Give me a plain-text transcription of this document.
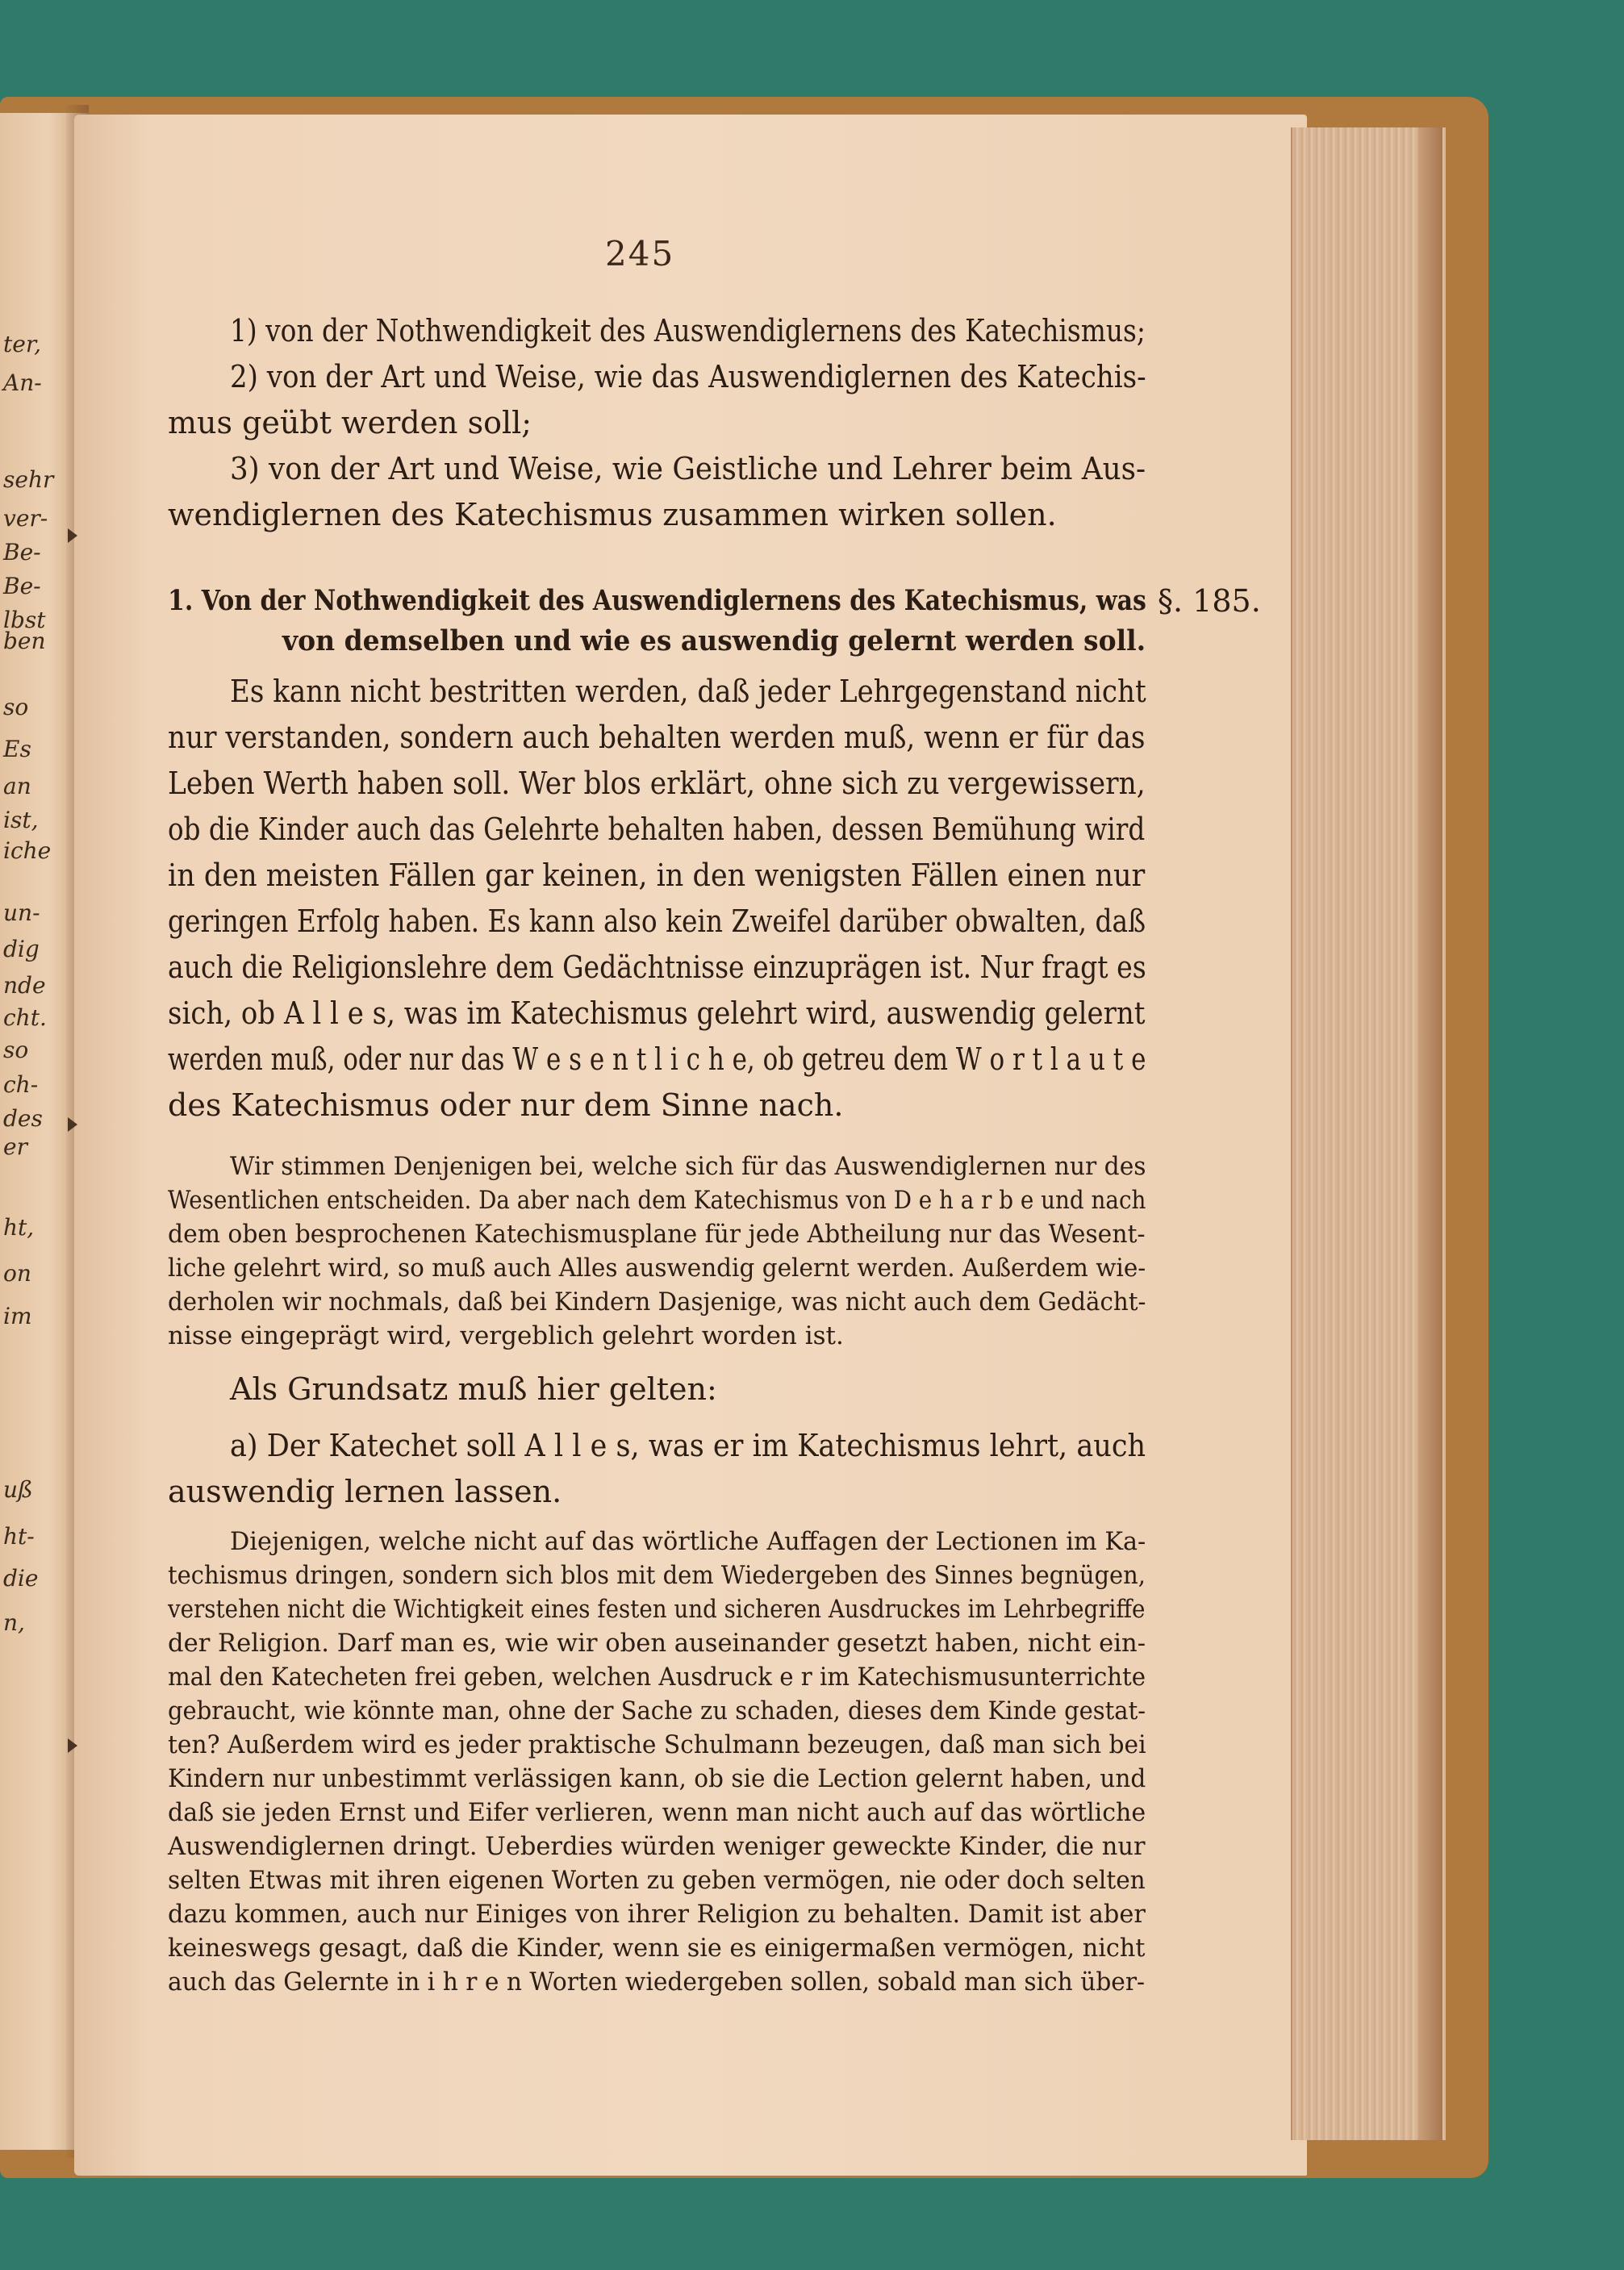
ter,
An-
sehr
ver-
Be-
Be-
lbst
ben
so
Es
an
ist,
iche
un-
dig
nde
cht.
so
ch-
des
er
ht,
on
im
uß
ht-
die
n,
245
1) von der Nothwendigkeit des Auswendiglernens des Katechismus;
2) von der Art und Weise, wie das Auswendiglernen des Katechis-
mus geübt werden soll;
3) von der Art und Weise, wie Geistliche und Lehrer beim Aus-
wendiglernen des Katechismus zusammen wirken sollen.
1. Von der Nothwendigkeit des Auswendiglernens des Katechismus, was §. 185.
von demselben und wie es auswendig gelernt werden soll.
Es kann nicht bestritten werden, daß jeder Lehrgegenstand nicht
nur verstanden, sondern auch behalten werden muß, wenn er für das
Leben Werth haben soll. Wer blos erklärt, ohne sich zu vergewissern,
ob die Kinder auch das Gelehrte behalten haben, dessen Bemühung wird
in den meisten Fällen gar keinen, in den wenigsten Fällen einen nur
geringen Erfolg haben. Es kann also kein Zweifel darüber obwalten, daß
auch die Religionslehre dem Gedächtnisse einzuprägen ist. Nur fragt es
sich, ob A l l e s, was im Katechismus gelehrt wird, auswendig gelernt
werden muß, oder nur das W e s e n t l i c h e, ob getreu dem W o r t l a u t e
des Katechismus oder nur dem Sinne nach.
Wir stimmen Denjenigen bei, welche sich für das Auswendiglernen nur des
Wesentlichen entscheiden. Da aber nach dem Katechismus von D e h a r b e und nach
dem oben besprochenen Katechismusplane für jede Abtheilung nur das Wesent-
liche gelehrt wird, so muß auch Alles auswendig gelernt werden. Außerdem wie-
derholen wir nochmals, daß bei Kindern Dasjenige, was nicht auch dem Gedächt-
nisse eingeprägt wird, vergeblich gelehrt worden ist.
Als Grundsatz muß hier gelten:
a) Der Katechet soll A l l e s, was er im Katechismus lehrt, auch
auswendig lernen lassen.
Diejenigen, welche nicht auf das wörtliche Auffagen der Lectionen im Ka-
techismus dringen, sondern sich blos mit dem Wiedergeben des Sinnes begnügen,
verstehen nicht die Wichtigkeit eines festen und sicheren Ausdruckes im Lehrbegriffe
der Religion. Darf man es, wie wir oben auseinander gesetzt haben, nicht ein-
mal den Katecheten frei geben, welchen Ausdruck e r im Katechismusunterrichte
gebraucht, wie könnte man, ohne der Sache zu schaden, dieses dem Kinde gestat-
ten? Außerdem wird es jeder praktische Schulmann bezeugen, daß man sich bei
Kindern nur unbestimmt verlässigen kann, ob sie die Lection gelernt haben, und
daß sie jeden Ernst und Eifer verlieren, wenn man nicht auch auf das wörtliche
Auswendiglernen dringt. Ueberdies würden weniger geweckte Kinder, die nur
selten Etwas mit ihren eigenen Worten zu geben vermögen, nie oder doch selten
dazu kommen, auch nur Einiges von ihrer Religion zu behalten. Damit ist aber
keineswegs gesagt, daß die Kinder, wenn sie es einigermaßen vermögen, nicht
auch das Gelernte in i h r e n Worten wiedergeben sollen, sobald man sich über-
